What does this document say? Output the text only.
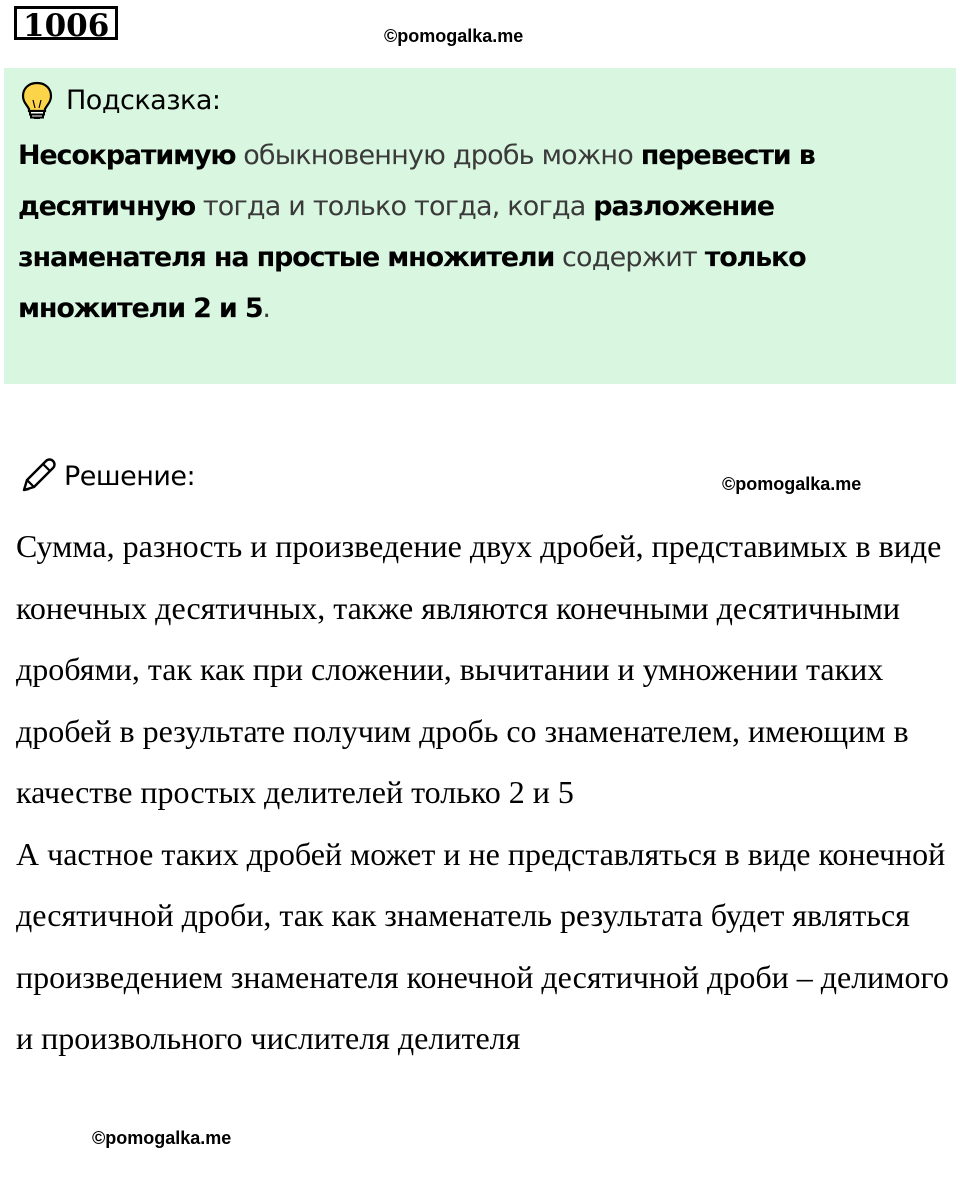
1006	©pomogalka.me
Подсказка:
Несократимую обыкновенную дробь можно перевести в десятичную тогда и только тогда, когда разложение знаменателя на простые множители содержит только множители 2 и 5.
Решение:	©pomogalka.me

Сумма, разность и произведение двух дробей, представимых в виде конечных десятичных, также являются конечными десятичными дробями, так как при сложении, вычитании и умножении таких дробей в результате получим дробь со знаменателем, имеющим в качестве простых делителей только 2 и 5

А частное таких дробей может и не представляться в виде конечной десятичной дроби, так как знаменатель результата будет являться произведением знаменателя конечной десятичной дроби – делимого и произвольного числителя делителя

©pomogalka.me
